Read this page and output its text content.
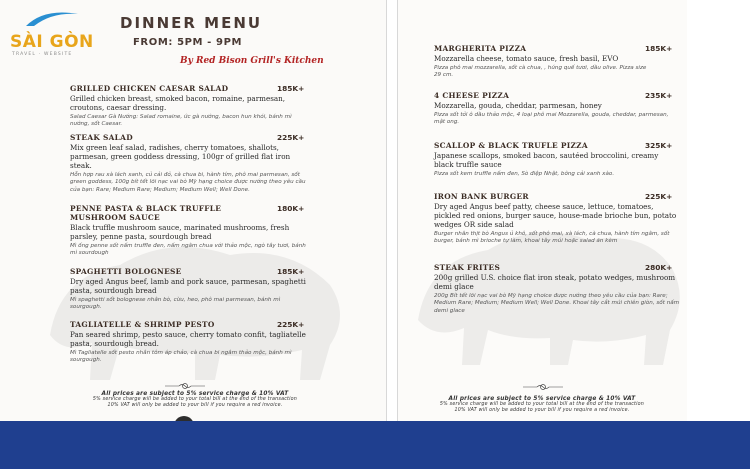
SÀI GÒN
TRAVEL · WEBSITE
DINNER MENU
FROM: 5PM - 9PM
By Red Bison Grill's Kitchen
GRILLED CHICKEN CAESAR SALAD	185K+
Grilled chicken breast, smoked bacon, romaine, parmesan, croutons, caesar dressing.
Salad Caesar Gà Nướng: Salad romaine, ức gà nướng, bacon hun khói, bánh mì nướng, sốt Caesar.
STEAK SALAD	225K+
Mix green leaf salad, radishes, cherry tomatoes, shallots, parmesan, green goddess dressing, 100gr of grilled flat iron steak.
Hỗn hợp rau xà lách xanh, củ cải đỏ, cà chua bi, hành tím, phô mai parmesan, sốt green goddess, 100g bít tết lõi nạc vai bò Mỹ hạng choice được nướng theo yêu cầu của bạn: Rare; Medium Rare; Medium; Medium Well; Well Done.
PENNE PASTA & BLACK TRUFFLE MUSHROOM SAUCE
180K+
Black truffle mushroom sauce, marinated mushrooms, fresh parsley, penne pasta, sourdough bread
Mì ống penne sốt nấm truffle đen, nấm ngâm chua với thảo mộc, ngò tây tươi, bánh mì sourdough
SPAGHETTI BOLOGNESE	185K+
Dry aged Angus beef, lamb and pork sauce, parmesan, spaghetti pasta, sourdough bread
Mì spaghetti sốt bolognese nhân bò, cừu, heo, phô mai parmesan, bánh mì sourgough.
TAGLIATELLE & SHRIMP PESTO	225K+
Pan seared shrimp, pesto sauce, cherry tomato confit, tagliatelle pasta, sourdough bread.
Mì Tagliatelle sốt pesto nhân tôm áp chảo, cà chua bi ngâm thảo mộc, bánh mì sourgough.
All prices are subject to 5% service charge & 10% VAT
5% service charge will be added to your total bill at the end of the transaction
10% VAT will only be added to your bill if you require a red invoice.
MARGHERITA PIZZA	185K+
Mozzarella cheese, tomato sauce, fresh basil, EVO
Pizza phô mai mozzarella, sốt cà chua, , húng quế tươi, dầu olive. Pizza size 29 cm.
4 CHEESE PIZZA	235K+
Mozzarella, gouda, cheddar, parmesan, honey
Pizza sốt tỏi ô dầu thảo mộc, 4 loại phô mai Mozzarella, gouda, cheddar, parmesan, mật ong.
SCALLOP & BLACK TRUFLE PIZZA	325K+
Japanese scallops, smoked bacon, sautéed broccolini, creamy black truffle sauce
Pizza sốt kem truffle nấm đen, Sò điệp Nhật, bông cải xanh xào.
IRON BANK BURGER	225K+
Dry aged Angus beef patty, cheese sauce, lettuce, tomatoes, pickled red onions, burger sauce, house-made brioche bun, potato wedges OR side salad
Burger nhân thịt bò Angus ủ khô, sốt phô mai, xà lách, cà chua, hành tím ngâm, sốt burger, bánh mì brioche tự làm, khoai tây múi hoặc salad ăn kèm
STEAK FRITES	280K+
200g grilled U.S. choice flat iron steak, potato wedges, mushroom demi glace
200g Bít tết lõi nạc vai bò Mỹ hạng choice được nướng theo yêu cầu của bạn: Rare; Medium Rare; Medium; Medium Well; Well Done. Khoai tây cắt múi chiên giòn, sốt nấm demi glace
All prices are subject to 5% service charge & 10% VAT
5% service charge will be added to your total bill at the end of the transaction
10% VAT will only be added to your bill if you require a red invoice.
